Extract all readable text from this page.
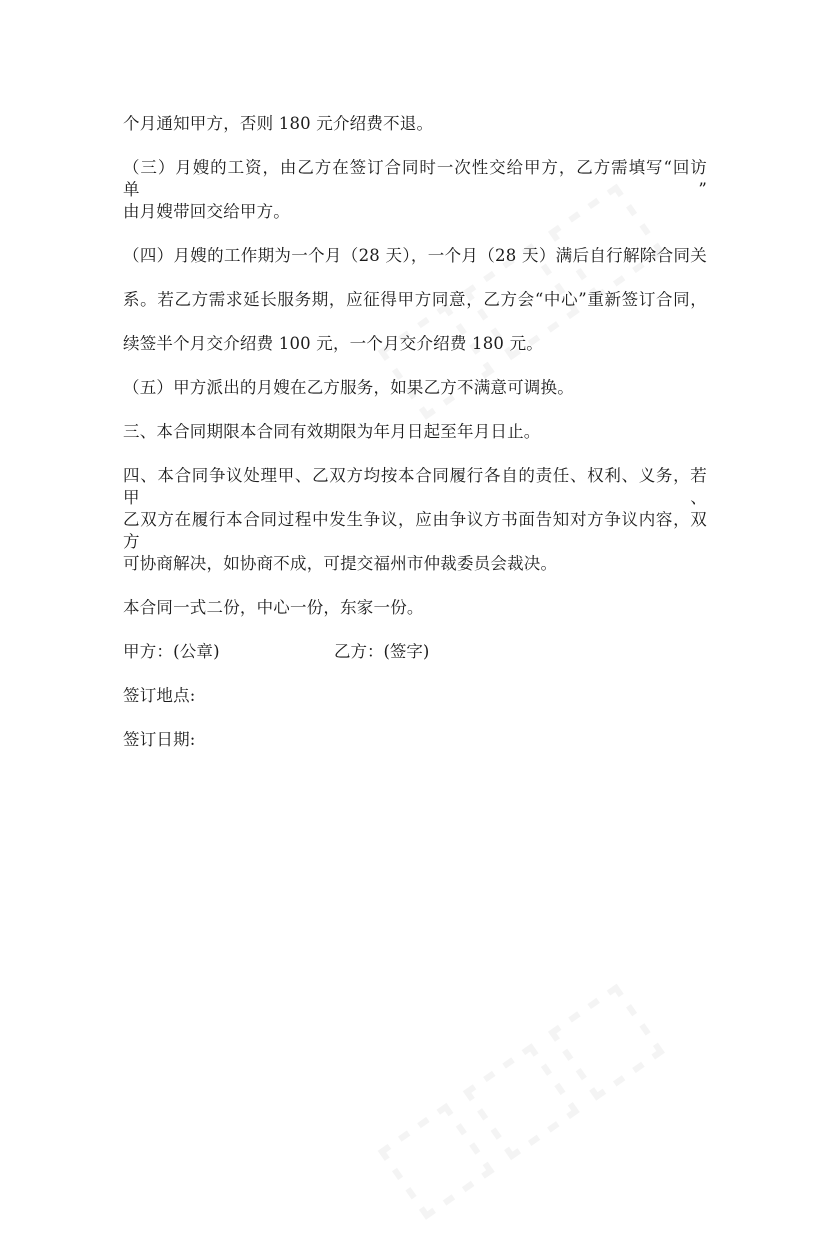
个月通知甲方，否则 180 元介绍费不退。
（三）月嫂的工资，由乙方在签订合同时一次性交给甲方，乙方需填写“回访单”
由月嫂带回交给甲方。
（四）月嫂的工作期为一个月（28 天），一个月（28 天）满后自行解除合同关
系。若乙方需求延长服务期，应征得甲方同意，乙方会“中心”重新签订合同，
续签半个月交介绍费 100 元，一个月交介绍费 180 元。
（五）甲方派出的月嫂在乙方服务，如果乙方不满意可调换。
三、本合同期限本合同有效期限为年月日起至年月日止。
四、本合同争议处理甲、乙双方均按本合同履行各自的责任、权利、义务，若甲、
乙双方在履行本合同过程中发生争议，应由争议方书面告知对方争议内容，双方
可协商解决，如协商不成，可提交福州市仲裁委员会裁决。
本合同一式二份，中心一份，东家一份。
甲方：(公章)	乙方：(签字)
签订地点:
签订日期:
